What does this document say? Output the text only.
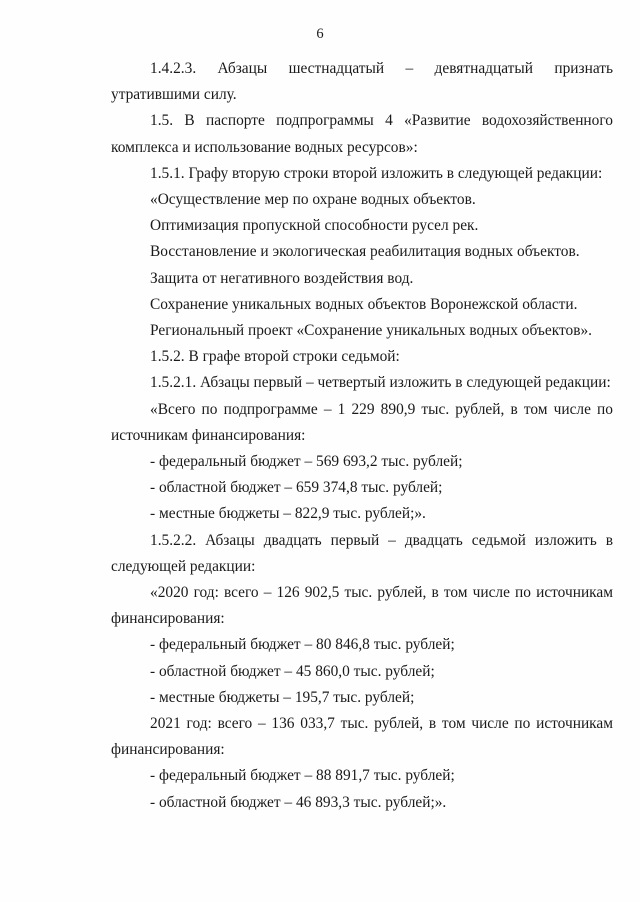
6

1.4.2.3. Абзацы шестнадцатый – девятнадцатый признать утратившими силу.

1.5. В паспорте подпрограммы 4 «Развитие водохозяйственного комплекса и использование водных ресурсов»:

1.5.1. Графу вторую строки второй изложить в следующей редакции:

«Осуществление мер по охране водных объектов.

Оптимизация пропускной способности русел рек.

Восстановление и экологическая реабилитация водных объектов.

Защита от негативного воздействия вод.

Сохранение уникальных водных объектов Воронежской области.

Региональный проект «Сохранение уникальных водных объектов».

1.5.2. В графе второй строки седьмой:

1.5.2.1. Абзацы первый – четвертый изложить в следующей редакции:

«Всего по подпрограмме – 1 229 890,9 тыс. рублей, в том числе по источникам финансирования:

- федеральный бюджет – 569 693,2 тыс. рублей;

- областной бюджет – 659 374,8 тыс. рублей;

- местные бюджеты – 822,9 тыс. рублей;».

1.5.2.2. Абзацы двадцать первый – двадцать седьмой изложить в следующей редакции:

«2020 год: всего – 126 902,5 тыс. рублей, в том числе по источникам финансирования:

- федеральный бюджет – 80 846,8 тыс. рублей;

- областной бюджет – 45 860,0 тыс. рублей;

- местные бюджеты – 195,7 тыс. рублей;

2021 год: всего – 136 033,7 тыс. рублей, в том числе по источникам финансирования:

- федеральный бюджет – 88 891,7 тыс. рублей;

- областной бюджет – 46 893,3 тыс. рублей;».
